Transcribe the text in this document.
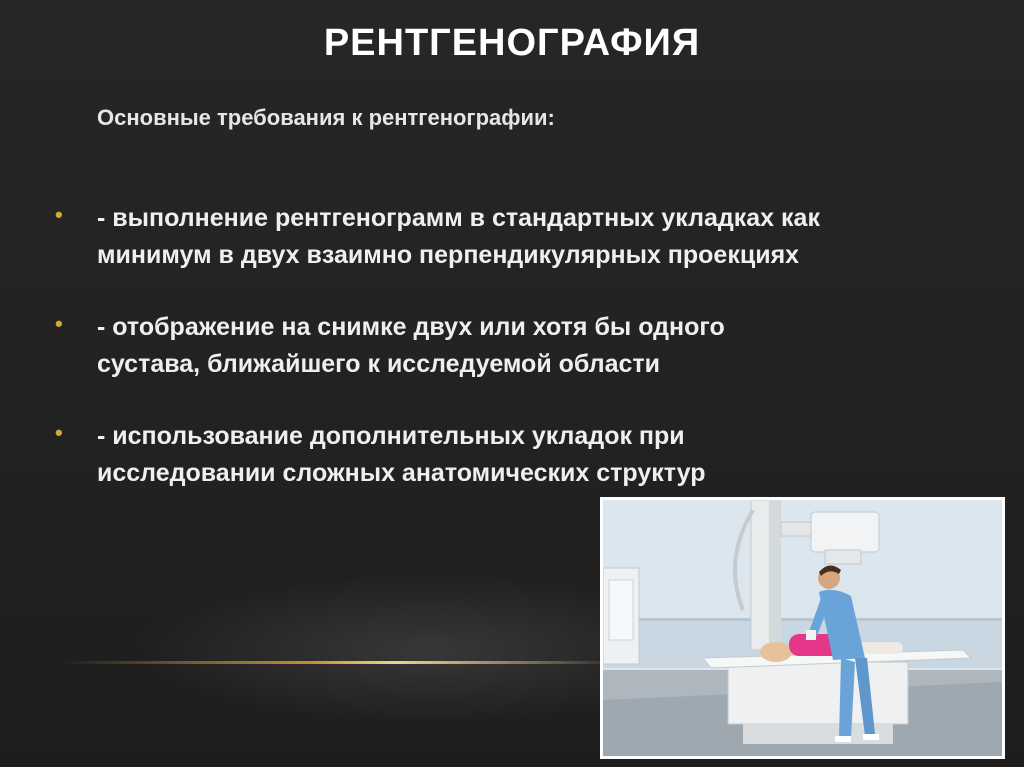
РЕНТГЕНОГРАФИЯ
Основные требования к рентгенографии:
• - выполнение рентгенограмм в стандартных укладках как
минимум в двух взаимно перпендикулярных проекциях
• - отображение на снимке двух или хотя бы одного
сустава, ближайшего к исследуемой области
• - использование дополнительных укладок при
исследовании сложных анатомических структур
